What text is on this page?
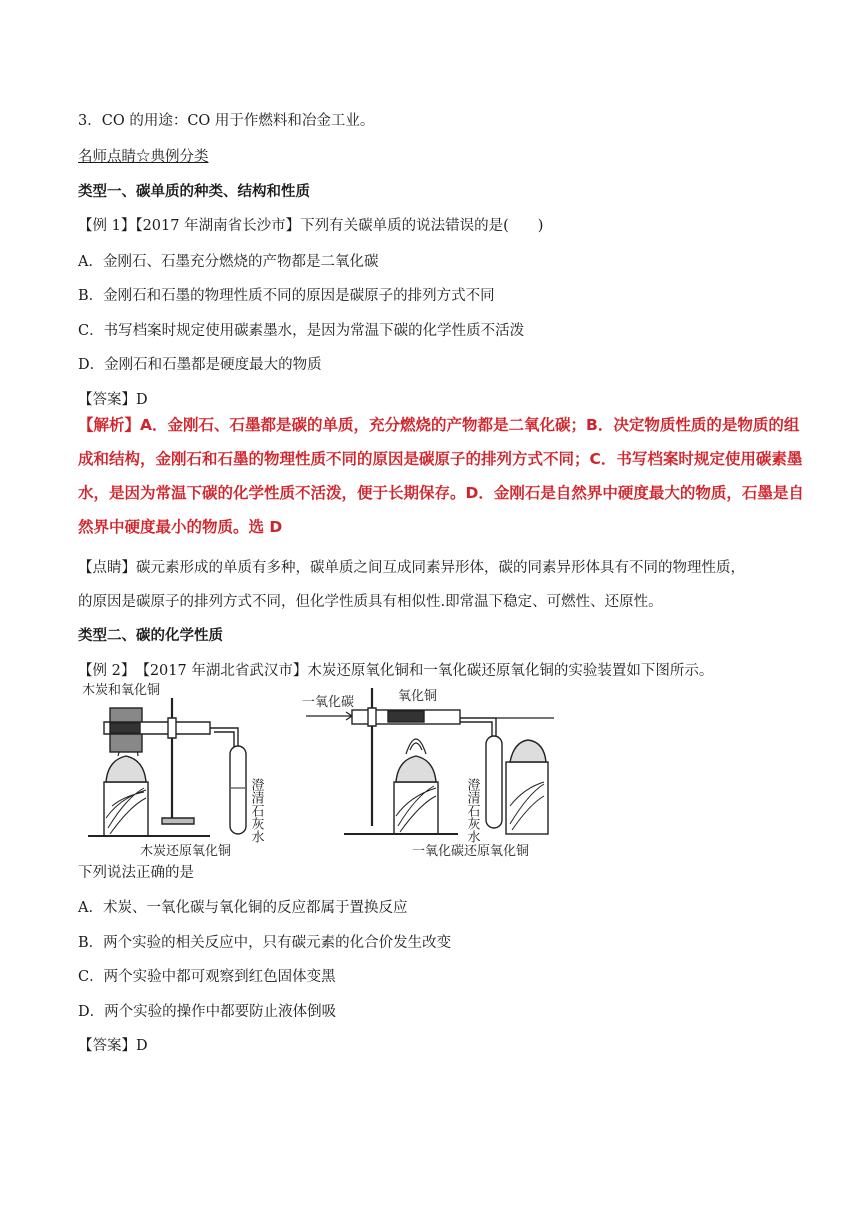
3．CO 的用途：CO 用于作燃料和冶金工业。
名师点睛☆典例分类
类型一、碳单质的种类、结构和性质
【例 1】【2017 年湖南省长沙市】下列有关碳单质的说法错误的是(　　)
A．金刚石、石墨充分燃烧的产物都是二氧化碳
B．金刚石和石墨的物理性质不同的原因是碳原子的排列方式不同
C．书写档案时规定使用碳素墨水，是因为常温下碳的化学性质不活泼
D．金刚石和石墨都是硬度最大的物质
【答案】D
【解析】A．金刚石、石墨都是碳的单质，充分燃烧的产物都是二氧化碳；B．决定物质性质的是物质的组
成和结构，金刚石和石墨的物理性质不同的原因是碳原子的排列方式不同；C．书写档案时规定使用碳素墨
水，是因为常温下碳的化学性质不活泼，便于长期保存。D．金刚石是自然界中硬度最大的物质，石墨是自
然界中硬度最小的物质。选 D
【点睛】碳元素形成的单质有多种，碳单质之间互成同素异形体，碳的同素异形体具有不同的物理性质，
的原因是碳原子的排列方式不同，但化学性质具有相似性.即常温下稳定、可燃性、还原性。
类型二、碳的化学性质
【例 2】　【2017 年湖北省武汉市】木炭还原氧化铜和一氧化碳还原氧化铜的实验装置如下图所示。
木炭和氧化铜
澄清石灰水
木炭还原氧化铜
一氧化碳	氧化铜
澄清石灰水
一氧化碳还原氧化铜
下列说法正确的是
A．术炭、一氧化碳与氧化铜的反应都属于置换反应
B．两个实验的相关反应中，只有碳元素的化合价发生改变
C．两个实验中都可观察到红色固体变黑
D．两个实验的操作中都要防止液体倒吸
【答案】D
